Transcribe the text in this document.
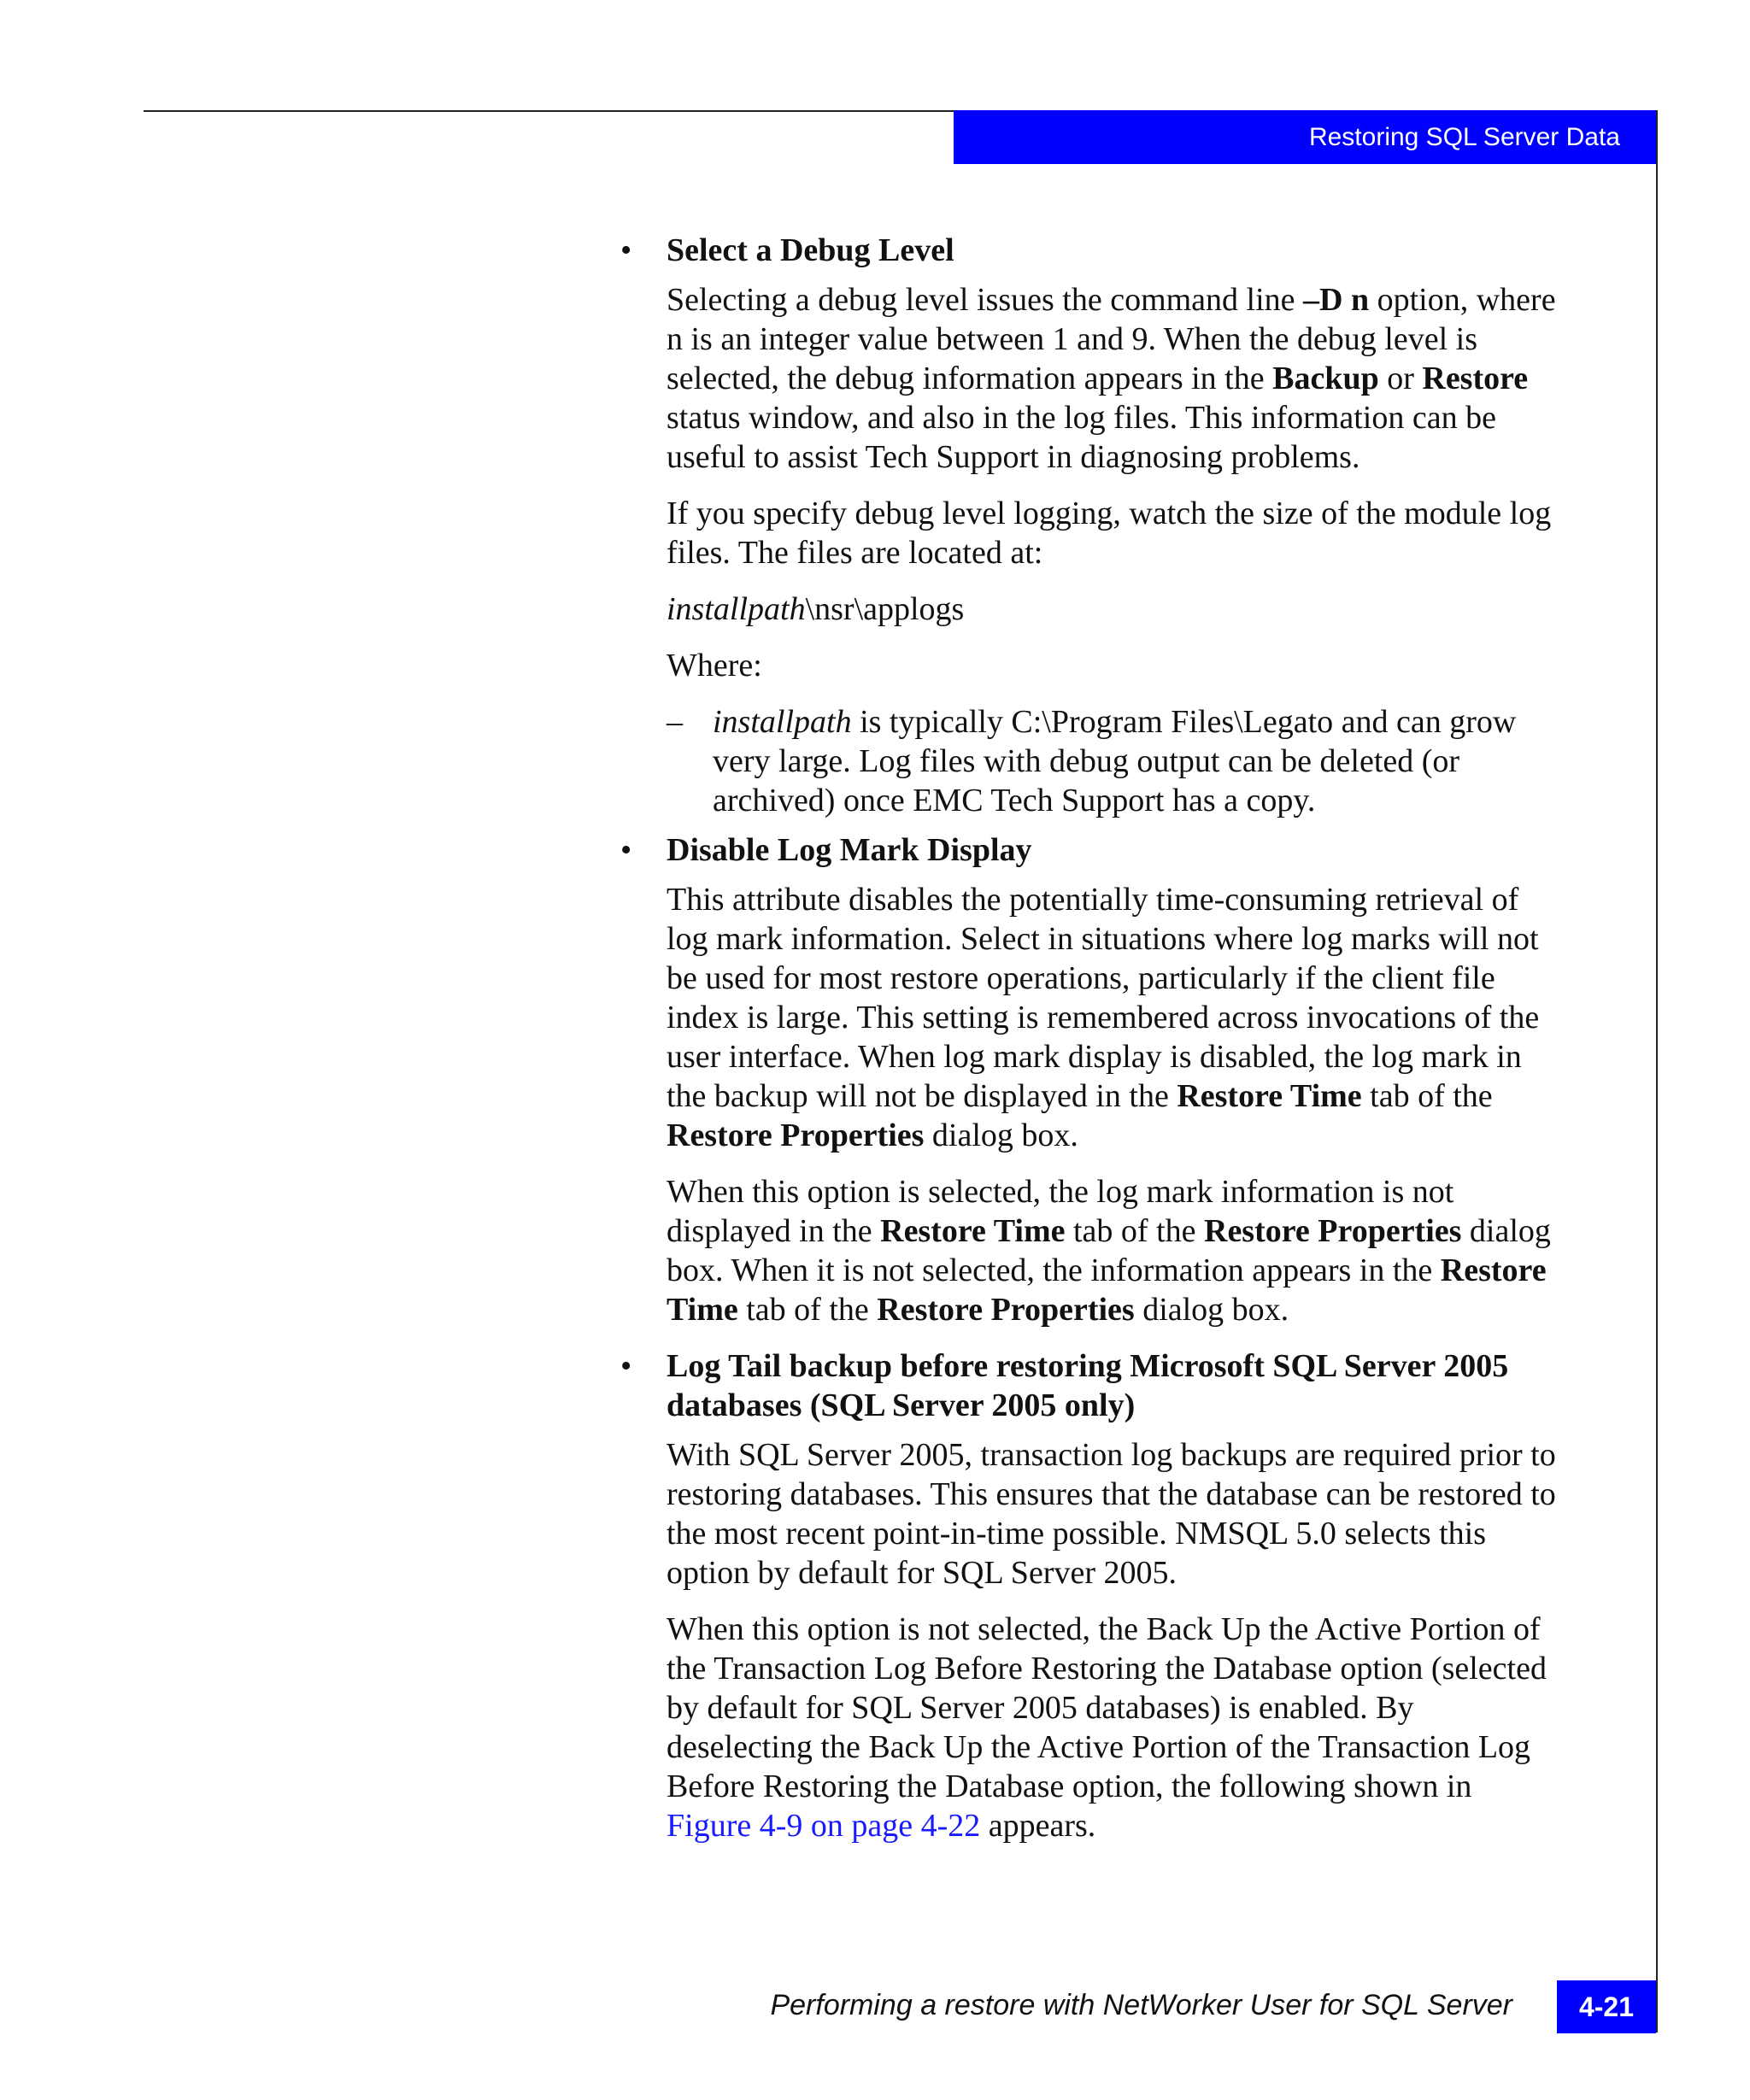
Restoring SQL Server Data
• Select a Debug Level

Selecting a debug level issues the command line –D n option, where n is an integer value between 1 and 9. When the debug level is selected, the debug information appears in the Backup or Restore status window, and also in the log files. This information can be useful to assist Tech Support in diagnosing problems.

If you specify debug level logging, watch the size of the module log files. The files are located at:

installpath\nsr\applogs

Where:

– installpath is typically C:\Program Files\Legato and can grow very large. Log files with debug output can be deleted (or archived) once EMC Tech Support has a copy.
• Disable Log Mark Display

This attribute disables the potentially time-consuming retrieval of log mark information. Select in situations where log marks will not be used for most restore operations, particularly if the client file index is large. This setting is remembered across invocations of the user interface. When log mark display is disabled, the log mark in the backup will not be displayed in the Restore Time tab of the Restore Properties dialog box.

When this option is selected, the log mark information is not displayed in the Restore Time tab of the Restore Properties dialog box. When it is not selected, the information appears in the Restore Time tab of the Restore Properties dialog box.

• Log Tail backup before restoring Microsoft SQL Server 2005 databases (SQL Server 2005 only)

With SQL Server 2005, transaction log backups are required prior to restoring databases. This ensures that the database can be restored to the most recent point-in-time possible. NMSQL 5.0 selects this option by default for SQL Server 2005.

When this option is not selected, the Back Up the Active Portion of the Transaction Log Before Restoring the Database option (selected by default for SQL Server 2005 databases) is enabled. By deselecting the Back Up the Active Portion of the Transaction Log Before Restoring the Database option, the following shown in Figure 4-9 on page 4-22 appears.

Performing a restore with NetWorker User for SQL Server 4-21
